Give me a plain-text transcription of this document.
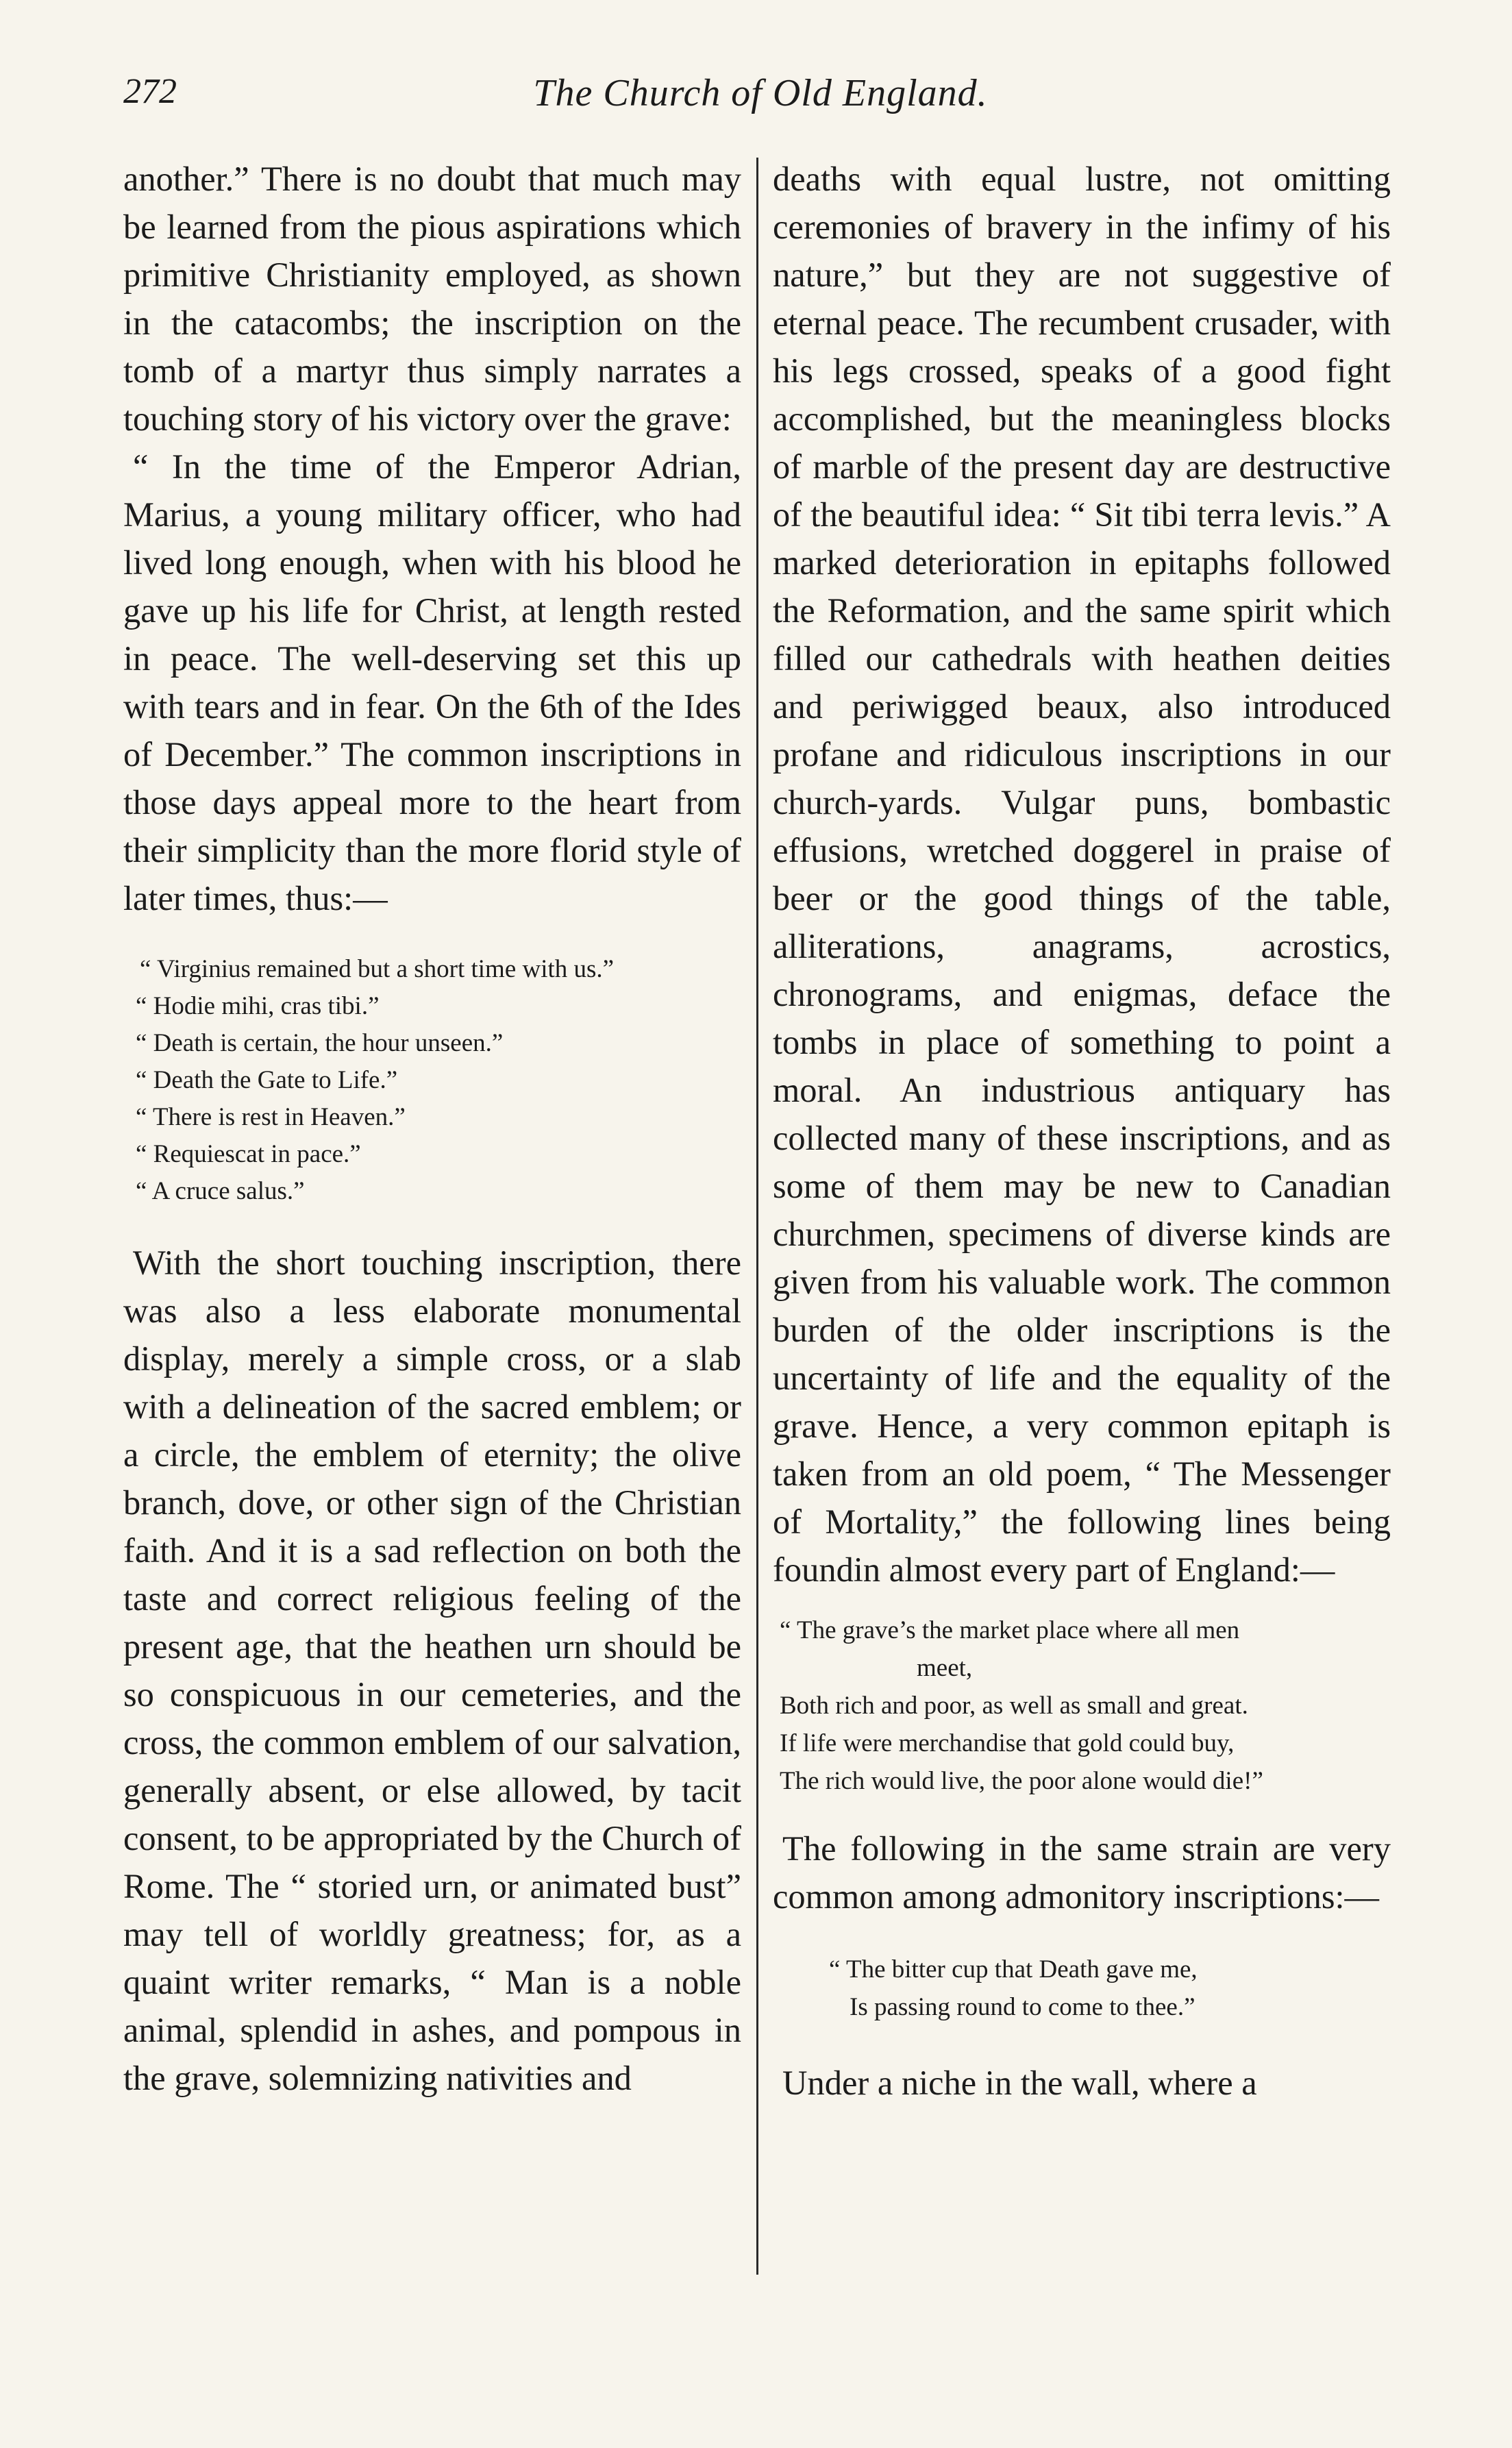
272	The Church of Old England.

another.” There is no doubt that much may be learned from the pious aspirations which primitive Christianity employed, as shown in the catacombs; the inscription on the tomb of a martyr thus simply narrates a touching story of his victory over the grave:

“ In the time of the Emperor Adrian, Marius, a young military officer, who had lived long enough, when with his blood he gave up his life for Christ, at length rested in peace. The well-deserving set this up with tears and in fear. On the 6th of the Ides of December.” The common inscriptions in those days appeal more to the heart from their simplicity than the more florid style of later times, thus:—

“ Virginius remained but a short time with us.”
“ Hodie mihi, cras tibi.”
“ Death is certain, the hour unseen.”
“ Death the Gate to Life.”
“ There is rest in Heaven.”
“ Requiescat in pace.”
“ A cruce salus.”

With the short touching inscription, there was also a less elaborate monumental display, merely a simple cross, or a slab with a delineation of the sacred emblem; or a circle, the emblem of eternity; the olive branch, dove, or other sign of the Christian faith. And it is a sad reflection on both the taste and correct religious feeling of the present age, that the heathen urn should be so conspicuous in our cemeteries, and the cross, the common emblem of our salvation, generally absent, or else allowed, by tacit consent, to be appropriated by the Church of Rome. The “ storied urn, or animated bust” may tell of worldly greatness; for, as a quaint writer remarks, “ Man is a noble animal, splendid in ashes, and pompous in the grave, solemnizing nativities and

deaths with equal lustre, not omitting ceremonies of bravery in the infimy of his nature,” but they are not suggestive of eternal peace. The recumbent crusader, with his legs crossed, speaks of a good fight accomplished, but the meaningless blocks of marble of the present day are destructive of the beautiful idea: “ Sit tibi terra levis.” A marked deterioration in epitaphs followed the Reformation, and the same spirit which filled our cathedrals with heathen deities and periwigged beaux, also introduced profane and ridiculous inscriptions in our church-yards. Vulgar puns, bombastic effusions, wretched doggerel in praise of beer or the good things of the table, alliterations, anagrams, acrostics, chronograms, and enigmas, deface the tombs in place of something to point a moral. An industrious antiquary has collected many of these inscriptions, and as some of them may be new to Canadian churchmen, specimens of diverse kinds are given from his valuable work. The common burden of the older inscriptions is the uncertainty of life and the equality of the grave. Hence, a very common epitaph is taken from an old poem, “ The Messenger of Mortality,” the following lines being foundin almost every part of England:—

“ The grave’s the market place where all men
meet,
Both rich and poor, as well as small and great.
If life were merchandise that gold could buy,
The rich would live, the poor alone would die!”

The following in the same strain are very common among admonitory inscriptions:—

“ The bitter cup that Death gave me,
Is passing round to come to thee.”

Under a niche in the wall, where a
